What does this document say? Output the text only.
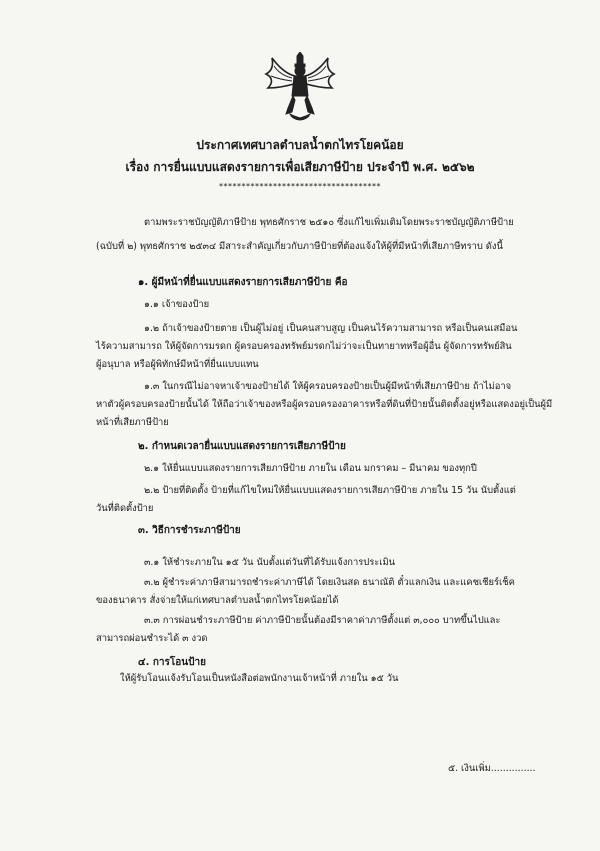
ประกาศเทศบาลตำบลน้ำตกไทรโยคน้อย
เรื่อง การยื่นแบบแสดงรายการเพื่อเสียภาษีป้าย ประจำปี พ.ศ. ๒๕๖๒
************************************
ตามพระราชบัญญัติภาษีป้าย พุทธศักราช ๒๕๑๐ ซึ่งแก้ไขเพิ่มเติมโดยพระราชบัญญัติภาษีป้าย
(ฉบับที่ ๒) พุทธศักราช ๒๕๓๔ มีสาระสำคัญเกี่ยวกับภาษีป้ายที่ต้องแจ้งให้ผู้ที่มีหน้าที่เสียภาษีทราบ ดังนี้
๑. ผู้มีหน้าที่ยื่นแบบแสดงรายการเสียภาษีป้าย คือ
๑.๑ เจ้าของป้าย
๑.๒ ถ้าเจ้าของป้ายตาย เป็นผู้ไม่อยู่ เป็นคนสาบสูญ เป็นคนไร้ความสามารถ หรือเป็นคนเสมือน
ไร้ความสามารถ ให้ผู้จัดการมรดก ผู้ครอบครองทรัพย์มรดกไม่ว่าจะเป็นทายาทหรือผู้อื่น ผู้จัดการทรัพย์สิน
ผู้อนุบาล หรือผู้พิทักษ์มีหน้าที่ยื่นแบบแทน
๑.๓ ในกรณีไม่อาจหาเจ้าของป้ายได้ ให้ผู้ครอบครองป้ายเป็นผู้มีหน้าที่เสียภาษีป้าย ถ้าไม่อาจ
หาตัวผู้ครอบครองป้ายนั้นได้ ให้ถือว่าเจ้าของหรือผู้ครอบครองอาคารหรือที่ดินที่ป้ายนั้นติดตั้งอยู่หรือแสดงอยู่เป็นผู้มี
หน้าที่เสียภาษีป้าย
๒. กำหนดเวลายื่นแบบแสดงรายการเสียภาษีป้าย
๒.๑ ให้ยื่นแบบแสดงรายการเสียภาษีป้าย ภายใน เดือน มกราคม – มีนาคม ของทุกปี
๒.๒ ป้ายที่ติดตั้ง ป้ายที่แก้ไขใหม่ให้ยื่นแบบแสดงรายการเสียภาษีป้าย ภายใน 15 วัน นับตั้งแต่
วันที่ติดตั้งป้าย
๓. วิธีการชำระภาษีป้าย
๓.๑ ให้ชำระภายใน ๑๕ วัน นับตั้งแต่วันที่ได้รับแจ้งการประเมิน
๓.๒ ผู้ชำระค่าภาษีสามารถชำระค่าภาษีได้ โดยเงินสด ธนาณัติ ตั๋วแลกเงิน และแคชเชียร์เช็ค
ของธนาคาร สั่งจ่ายให้แก่เทศบาลตำบลน้ำตกไทรโยคน้อยได้
๓.๓ การผ่อนชำระภาษีป้าย ค่าภาษีป้ายนั้นต้องมีราคาค่าภาษีตั้งแต่ ๓,๐๐๐ บาทขึ้นไปและ
สามารถผ่อนชำระได้ ๓ งวด
๔. การโอนป้าย
ให้ผู้รับโอนแจ้งรับโอนเป็นหนังสือต่อพนักงานเจ้าหน้าที่ ภายใน ๑๕ วัน
๕. เงินเพิ่ม...............
